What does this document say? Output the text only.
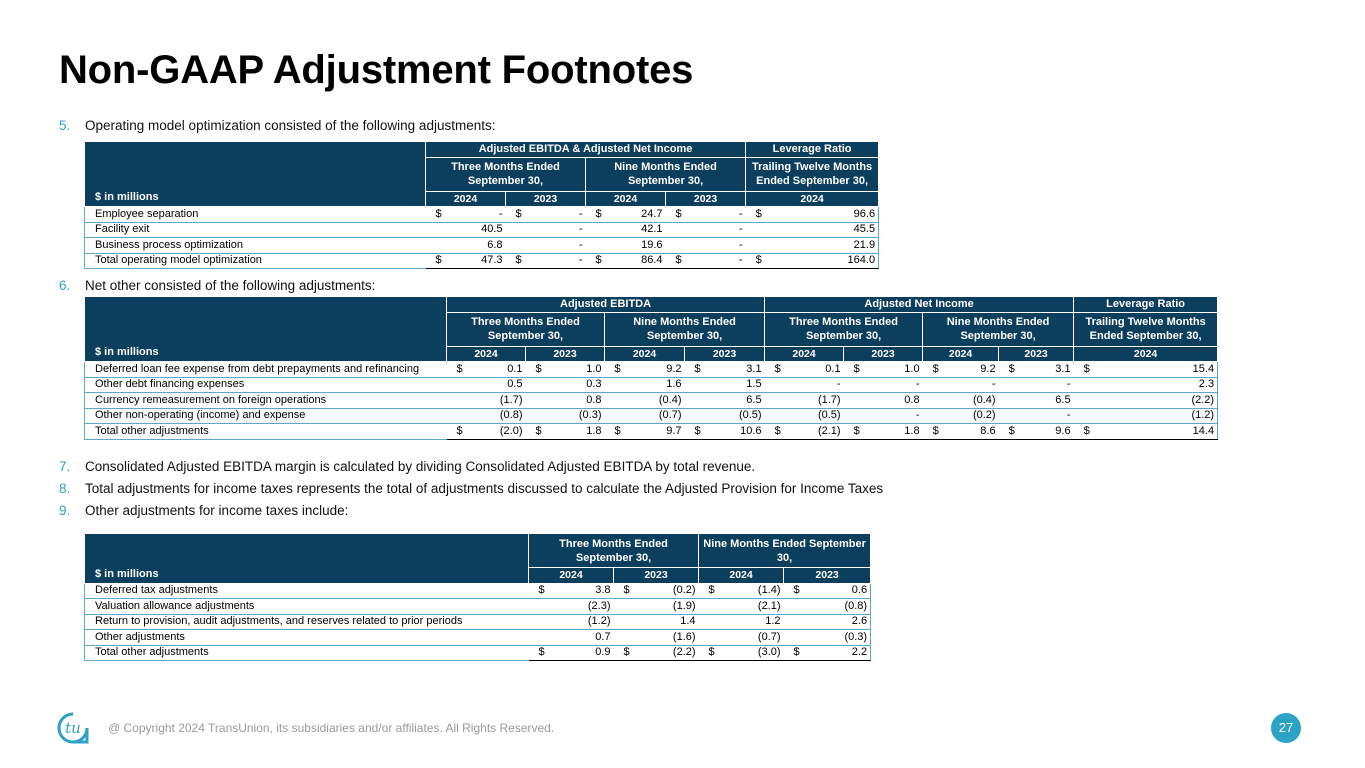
Non-GAAP Adjustment Footnotes
5. Operating model optimization consisted of the following adjustments:
$ in millions	Adjusted EBITDA & Adjusted Net Income								Leverage Ratio	
	Three Months Ended September 30,				Nine Months Ended September 30,				Trailing Twelve Months Ended September 30,	
	2024		2023		2024		2023		2024	
Employee separation	$	-	$	-	$	24.7	$	-	$	96.6
Facility exit		40.5		-		42.1		-		45.5
Business process optimization		6.8		-		19.6		-		21.9
Total operating model optimization	$	47.3	$	-	$	86.4	$	-	$	164.0
6. Net other consisted of the following adjustments:
$ in millions	Adjusted EBITDA								Adjusted Net Income								Leverage Ratio	
	Three Months Ended September 30,				Nine Months Ended September 30,				Three Months Ended September 30,				Nine Months Ended September 30,				Trailing Twelve Months Ended September 30,	
	2024		2023		2024		2023		2024		2023		2024		2023		2024	
Deferred loan fee expense from debt prepayments and refinancing	$	0.1	$	1.0	$	9.2	$	3.1	$	0.1	$	1.0	$	9.2	$	3.1	$	15.4
Other debt financing expenses		0.5		0.3		1.6		1.5		-		-		-		-		2.3
Currency remeasurement on foreign operations		(1.7)		0.8		(0.4)		6.5		(1.7)		0.8		(0.4)		6.5		(2.2)
Other non-operating (income) and expense		(0.8)		(0.3)		(0.7)		(0.5)		(0.5)		-		(0.2)		-		(1.2)
Total other adjustments	$	(2.0)	$	1.8	$	9.7	$	10.6	$	(2.1)	$	1.8	$	8.6	$	9.6	$	14.4
7. Consolidated Adjusted EBITDA margin is calculated by dividing Consolidated Adjusted EBITDA by total revenue.
8. Total adjustments for income taxes represents the total of adjustments discussed to calculate the Adjusted Provision for Income Taxes
9. Other adjustments for income taxes include:
$ in millions	Three Months Ended September 30,				Nine Months Ended September 30,			
	2024		2023		2024		2023	
Deferred tax adjustments	$	3.8	$	(0.2)	$	(1.4)	$	0.6
Valuation allowance adjustments		(2.3)		(1.9)		(2.1)		(0.8)
Return to provision, audit adjustments, and reserves related to prior periods		(1.2)		1.4		1.2		2.6
Other adjustments		0.7		(1.6)		(0.7)		(0.3)
Total other adjustments	$	0.9	$	(2.2)	$	(3.0)	$	2.2
tu @ Copyright 2024 TransUnion, its subsidiaries and/or affiliates. All Rights Reserved.	27
